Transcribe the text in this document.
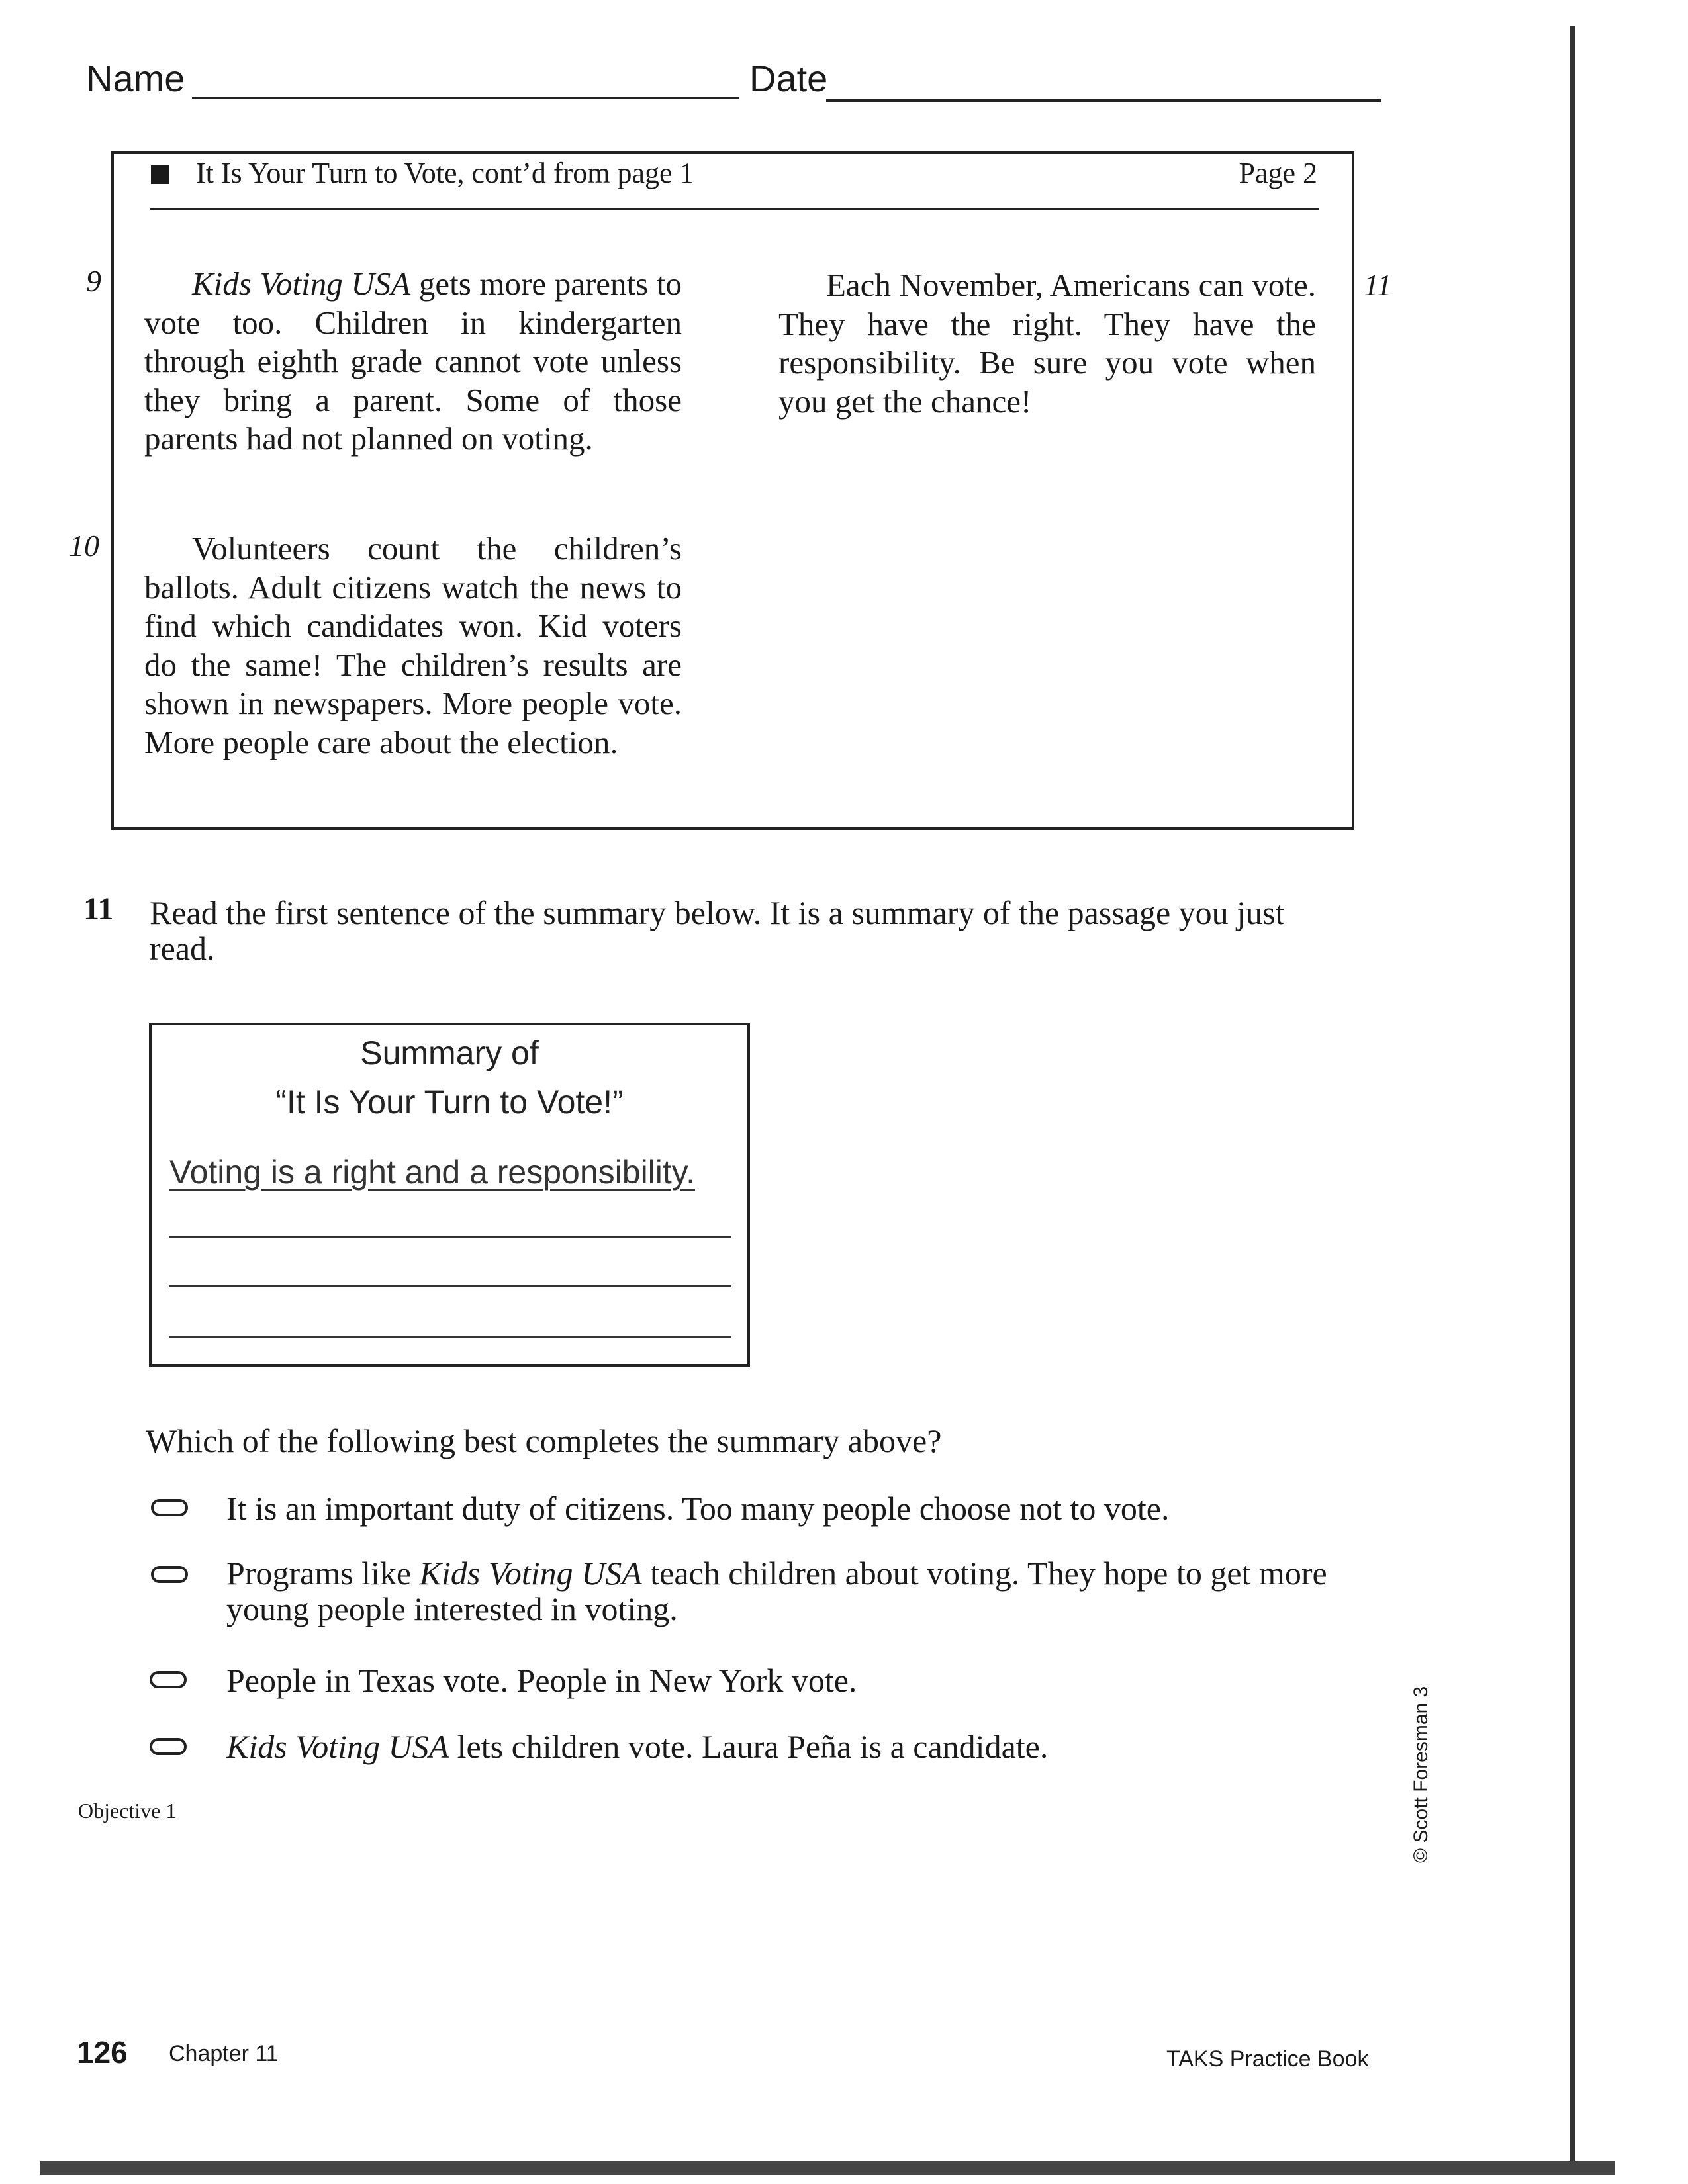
Name	Date
It Is Your Turn to Vote, cont’d from page 1	Page 2
9	Kids Voting USA gets more parents to vote too. Children in kindergarten through eighth grade cannot vote unless they bring a parent. Some of those parents had not planned on voting.

10	Volunteers count the children’s ballots. Adult citizens watch the news to find which candidates won. Kid voters do the same! The children’s results are shown in newspapers. More people vote. More people care about the election.

11

Each November, Americans can vote. They have the right. They have the responsibility. Be sure you vote when you get the chance!

11 Read the first sentence of the summary below. It is a summary of the passage you just read.
Summary of
“It Is Your Turn to Vote!”
Voting is a right and a responsibility.
Which of the following best completes the summary above?
It is an important duty of citizens. Too many people choose not to vote.
Programs like Kids Voting USA teach children about voting. They hope to get more young people interested in voting.
People in Texas vote. People in New York vote.
Kids Voting USA lets children vote. Laura Peña is a candidate.
Objective 1
126 Chapter 11	TAKS Practice Book
© Scott Foresman 3
